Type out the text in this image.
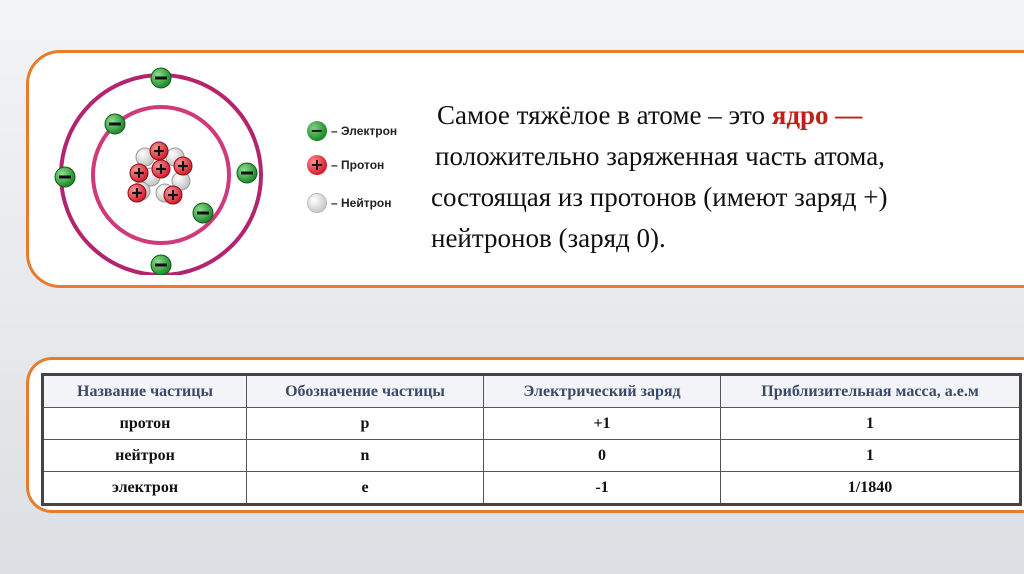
− – Электрон
+ – Протон
– Нейтрон
Самое тяжёлое в атоме – это ядро —
положительно заряженная часть атома,
состоящая из протонов (имеют заряд +)
нейтронов (заряд 0).
Название частицы	Обозначение частицы	Электрический заряд	Приблизительная масса, а.е.м
протон	p	+1	1
нейтрон	n	0	1
электрон	e	-1	1/1840
